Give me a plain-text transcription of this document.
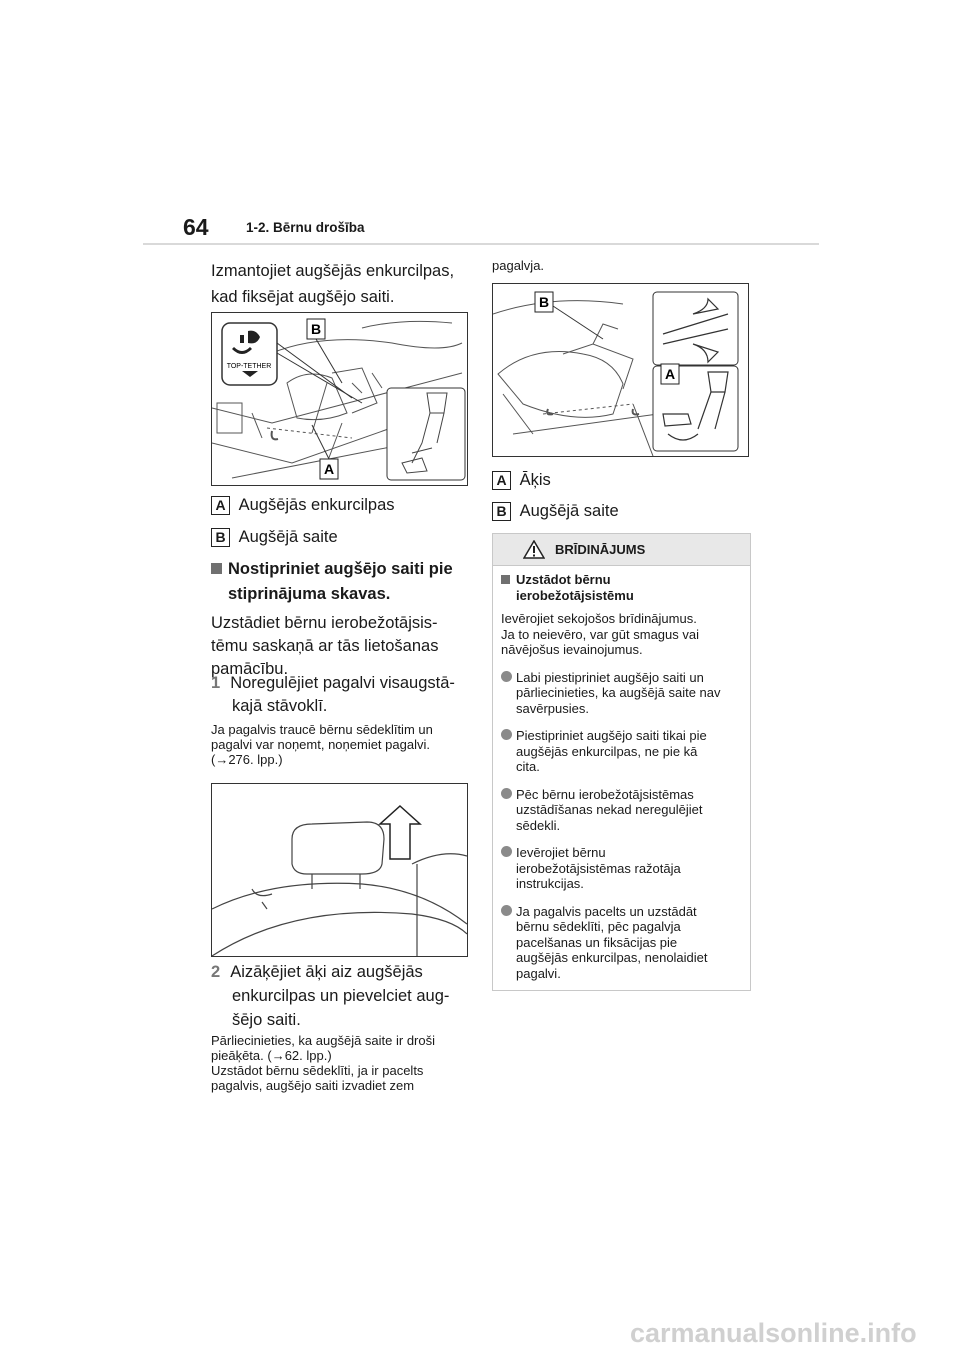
64	1-2. Bērnu drošība
Izmantojiet augšējās enkurcilpas,
kad fiksējat augšējo saiti.
TOP-TETHER
B
A
A Augšējās enkurcilpas
B Augšējā saite
Nostipriniet augšējo saiti pie
stiprinājuma skavas.
Uzstādiet bērnu ierobežotājsis-
tēmu saskaņā ar tās lietošanas
pamācību.
1 Noregulējiet pagalvi visaugstā-
kajā stāvoklī.
Ja pagalvis traucē bērnu sēdeklītim un
pagalvi var noņemt, noņemiet pagalvi.
(→276. lpp.)
2 Aizāķējiet āķi aiz augšējās
enkurcilpas un pievelciet aug-
šējo saiti.
Pārliecinieties, ka augšējā saite ir droši
pieāķēta. (→62. lpp.)
Uzstādot bērnu sēdeklīti, ja ir pacelts
pagalvis, augšējo saiti izvadiet zem
pagalvja.
B
A
A Āķis
B Augšējā saite
BRĪDINĀJUMS
Uzstādot bērnu
ierobežotājsistēmu
Ievērojiet sekojošos brīdinājumus.
Ja to neievēro, var gūt smagus vai
nāvējošus ievainojumus.
Labi piestipriniet augšējo saiti un
pārliecinieties, ka augšējā saite nav
savērpusies.
Piestipriniet augšējo saiti tikai pie
augšējās enkurcilpas, ne pie kā
cita.
Pēc bērnu ierobežotājsistēmas
uzstādīšanas nekad neregulējiet
sēdekli.
Ievērojiet bērnu
ierobežotājsistēmas ražotāja
instrukcijas.
Ja pagalvis pacelts un uzstādāt
bērnu sēdeklīti, pēc pagalvja
pacelšanas un fiksācijas pie
augšējās enkurcilpas, nenolaidiet
pagalvi.
carmanualsonline.info
